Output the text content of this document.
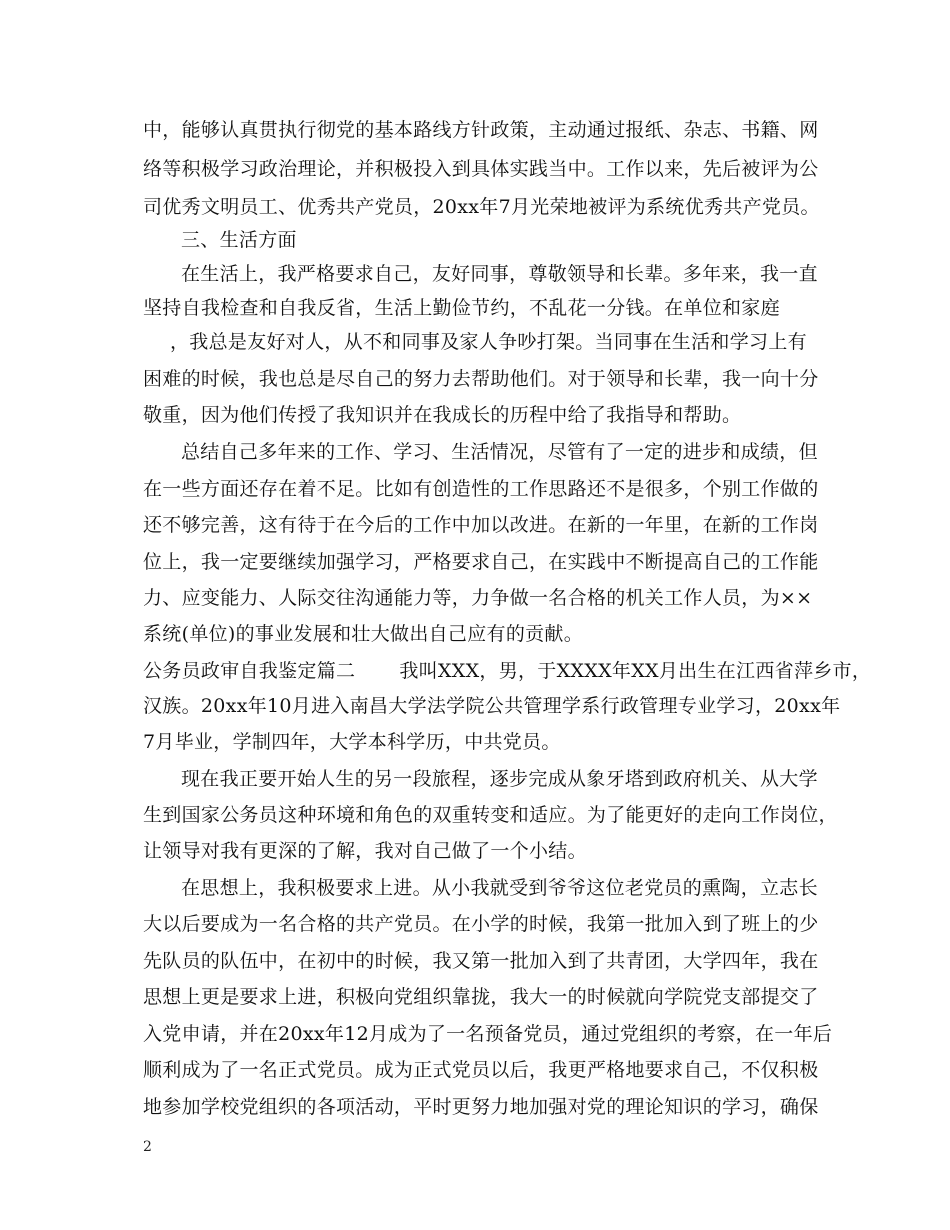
中，能够认真贯执行彻党的基本路线方针政策，主动通过报纸、杂志、书籍、网
络等积极学习政治理论，并积极投入到具体实践当中。工作以来，先后被评为公
司优秀文明员工、优秀共产党员，20xx年7月光荣地被评为系统优秀共产党员。
三、生活方面
在生活上，我严格要求自己，友好同事，尊敬领导和长辈。多年来，我一直
坚持自我检查和自我反省，生活上勤俭节约，不乱花一分钱。在单位和家庭
，我总是友好对人，从不和同事及家人争吵打架。当同事在生活和学习上有
困难的时候，我也总是尽自己的努力去帮助他们。对于领导和长辈，我一向十分
敬重，因为他们传授了我知识并在我成长的历程中给了我指导和帮助。
总结自己多年来的工作、学习、生活情况，尽管有了一定的进步和成绩，但
在一些方面还存在着不足。比如有创造性的工作思路还不是很多，个别工作做的
还不够完善，这有待于在今后的工作中加以改进。在新的一年里，在新的工作岗
位上，我一定要继续加强学习，严格要求自己，在实践中不断提高自己的工作能
力、应变能力、人际交往沟通能力等，力争做一名合格的机关工作人员，为××
系统(单位)的事业发展和壮大做出自己应有的贡献。
公务员政审自我鉴定篇二 我叫XXX，男，于XXXX年XX月出生在江西省萍乡市，
汉族。20xx年10月进入南昌大学法学院公共管理学系行政管理专业学习，20xx年
7月毕业，学制四年，大学本科学历，中共党员。
现在我正要开始人生的另一段旅程，逐步完成从象牙塔到政府机关、从大学
生到国家公务员这种环境和角色的双重转变和适应。为了能更好的走向工作岗位，
让领导对我有更深的了解，我对自己做了一个小结。
在思想上，我积极要求上进。从小我就受到爷爷这位老党员的熏陶，立志长
大以后要成为一名合格的共产党员。在小学的时候，我第一批加入到了班上的少
先队员的队伍中，在初中的时候，我又第一批加入到了共青团，大学四年，我在
思想上更是要求上进，积极向党组织靠拢，我大一的时候就向学院党支部提交了
入党申请，并在20xx年12月成为了一名预备党员，通过党组织的考察，在一年后
顺利成为了一名正式党员。成为正式党员以后，我更严格地要求自己，不仅积极
地参加学校党组织的各项活动，平时更努力地加强对党的理论知识的学习，确保
2
